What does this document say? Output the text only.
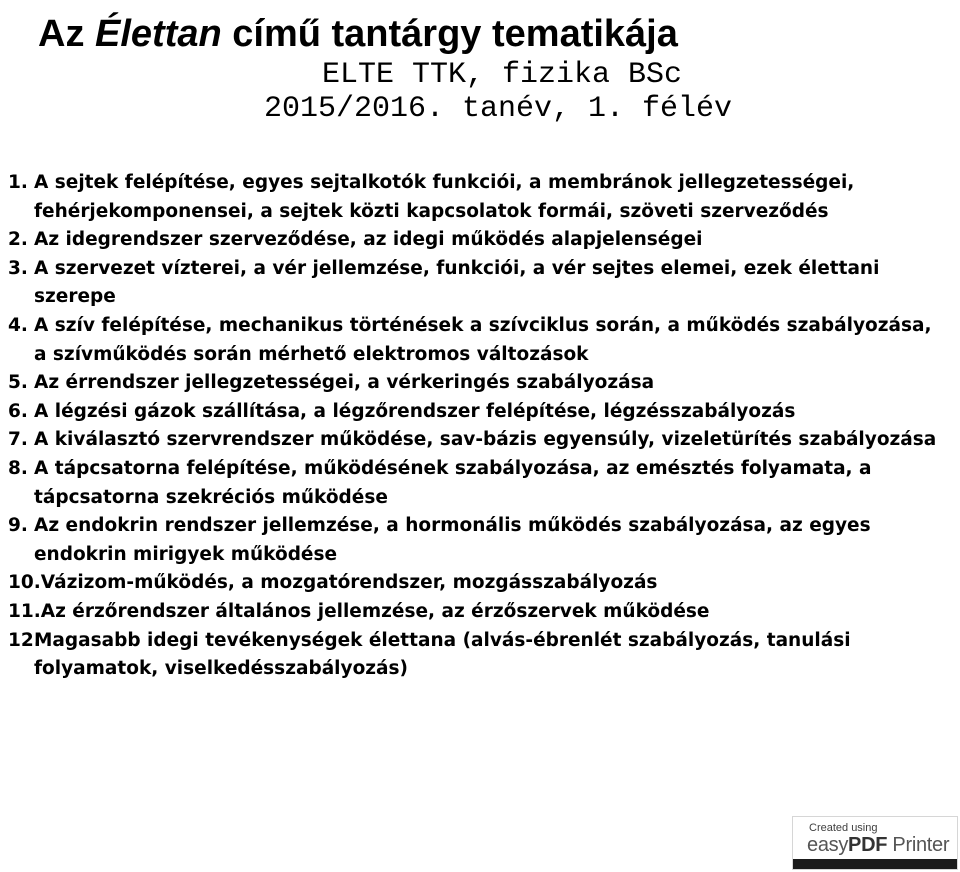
Az Élettan című tantárgy tematikája
ELTE TTK, fizika BSc
2015/2016. tanév, 1. félév
1. A sejtek felépítése, egyes sejtalkotók funkciói, a membránok jellegzetességei, fehérjekomponensei, a sejtek közti kapcsolatok formái, szöveti szerveződés
2. Az idegrendszer szerveződése, az idegi működés alapjelenségei
3. A szervezet vízterei, a vér jellemzése, funkciói, a vér sejtes elemei, ezek élettani szerepe
4. A szív felépítése, mechanikus történések a szívciklus során, a működés szabályozása, a szívműködés során mérhető elektromos változások
5. Az érrendszer jellegzetességei, a vérkeringés szabályozása
6. A légzési gázok szállítása, a légzőrendszer felépítése, légzésszabályozás
7. A kiválasztó szervrendszer működése, sav-bázis egyensúly, vizeletürítés szabályozása
8. A tápcsatorna felépítése, működésének szabályozása, az emésztés folyamata, a tápcsatorna szekréciós működése
9. Az endokrin rendszer jellemzése, a hormonális működés szabályozása, az egyes endokrin mirigyek működése
10.Vázizom-működés, a mozgatórendszer, mozgásszabályozás
11.Az érzőrendszer általános jellemzése, az érzőszervek működése
12.
Magasabb idegi tevékenységek élettana (alvás-ébrenlét szabályozás, tanulási folyamatok, viselkedésszabályozás)
Created using
easyPDF Printer
